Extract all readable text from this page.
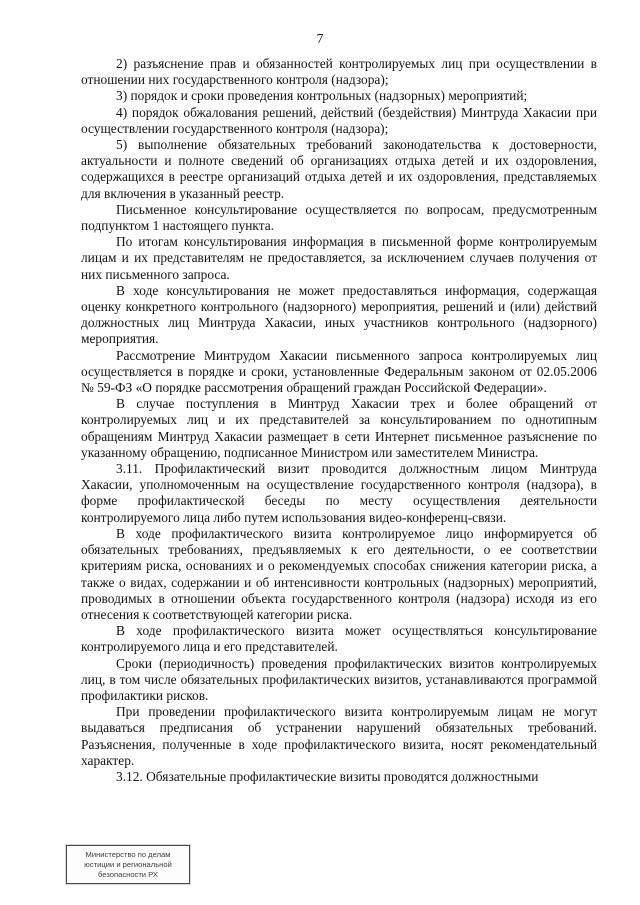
7

2) разъяснение прав и обязанностей контролируемых лиц при осуществлении в отношении них государственного контроля (надзора);

3) порядок и сроки проведения контрольных (надзорных) мероприятий;

4) порядок обжалования решений, действий (бездействия) Минтруда Хакасии при осуществлении государственного контроля (надзора);

5) выполнение обязательных требований законодательства к достоверности, актуальности и полноте сведений об организациях отдыха детей и их оздоровления, содержащихся в реестре организаций отдыха детей и их оздоровления, представляемых для включения в указанный реестр.

Письменное консультирование осуществляется по вопросам, предусмотренным подпунктом 1 настоящего пункта.

По итогам консультирования информация в письменной форме контролируемым лицам и их представителям не предоставляется, за исключением случаев получения от них письменного запроса.

В ходе консультирования не может предоставляться информация, содержащая оценку конкретного контрольного (надзорного) мероприятия, решений и (или) действий должностных лиц Минтруда Хакасии, иных участников контрольного (надзорного) мероприятия.

Рассмотрение Минтрудом Хакасии письменного запроса контролируемых лиц осуществляется в порядке и сроки, установленные Федеральным законом от 02.05.2006 № 59-ФЗ «О порядке рассмотрения обращений граждан Российской Федерации».

В случае поступления в Минтруд Хакасии трех и более обращений от контролируемых лиц и их представителей за консультированием по однотипным обращениям Минтруд Хакасии размещает в сети Интернет письменное разъяснение по указанному обращению, подписанное Министром или заместителем Министра.

3.11. Профилактический визит проводится должностным лицом Минтруда Хакасии, уполномоченным на осуществление государственного контроля (надзора), в форме профилактической беседы по месту осуществления деятельности контролируемого лица либо путем использования видео-конференц-связи.

В ходе профилактического визита контролируемое лицо информируется об обязательных требованиях, предъявляемых к его деятельности, о ее соответствии критериям риска, основаниях и о рекомендуемых способах снижения категории риска, а также о видах, содержании и об интенсивности контрольных (надзорных) мероприятий, проводимых в отношении объекта государственного контроля (надзора) исходя из его отнесения к соответствующей категории риска.

В ходе профилактического визита может осуществляться консультирование контролируемого лица и его представителей.

Сроки (периодичность) проведения профилактических визитов контролируемых лиц, в том числе обязательных профилактических визитов, устанавливаются программой профилактики рисков.

При проведении профилактического визита контролируемым лицам не могут выдаваться предписания об устранении нарушений обязательных требований. Разъяснения, полученные в ходе профилактического визита, носят рекомендательный характер.

3.12. Обязательные профилактические визиты проводятся должностными

Министерство по делам
юстиции и региональной
безопасности РХ
